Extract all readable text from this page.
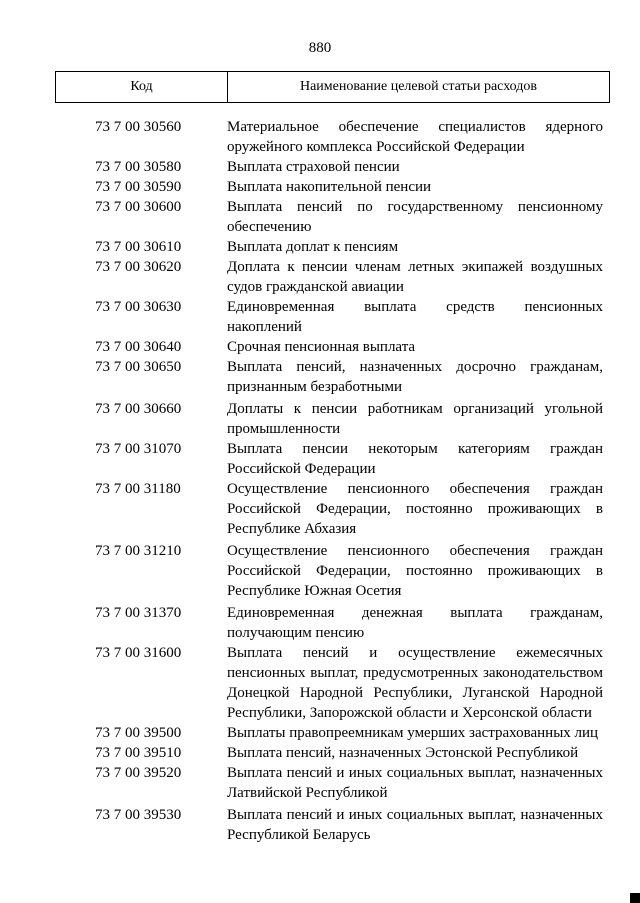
880
Код	Наименование целевой статьи расходов
73 7 00 30560	Материальное обеспечение специалистов ядерного оружейного комплекса Российской Федерации
73 7 00 30580	Выплата страховой пенсии
73 7 00 30590	Выплата накопительной пенсии
73 7 00 30600	Выплата пенсий по государственному пенсионному обеспечению
73 7 00 30610	Выплата доплат к пенсиям
73 7 00 30620	Доплата к пенсии членам летных экипажей воздушных судов гражданской авиации
73 7 00 30630	Единовременная выплата средств пенсионных накоплений
73 7 00 30640	Срочная пенсионная выплата
73 7 00 30650	Выплата пенсий, назначенных досрочно гражданам, признанным безработными
73 7 00 30660	Доплаты к пенсии работникам организаций угольной промышленности
73 7 00 31070	Выплата пенсии некоторым категориям граждан Российской Федерации
73 7 00 31180	Осуществление пенсионного обеспечения граждан Российской Федерации, постоянно проживающих в Республике Абхазия
73 7 00 31210	Осуществление пенсионного обеспечения граждан Российской Федерации, постоянно проживающих в Республике Южная Осетия
73 7 00 31370	Единовременная денежная выплата гражданам, получающим пенсию
73 7 00 31600	Выплата пенсий и осуществление ежемесячных пенсионных выплат, предусмотренных законодательством Донецкой Народной Республики, Луганской Народной Республики, Запорожской области и Херсонской области
73 7 00 39500	Выплаты правопреемникам умерших застрахованных лиц
73 7 00 39510	Выплата пенсий, назначенных Эстонской Республикой
73 7 00 39520	Выплата пенсий и иных социальных выплат, назначенных Латвийской Республикой
73 7 00 39530	Выплата пенсий и иных социальных выплат, назначенных Республикой Беларусь
